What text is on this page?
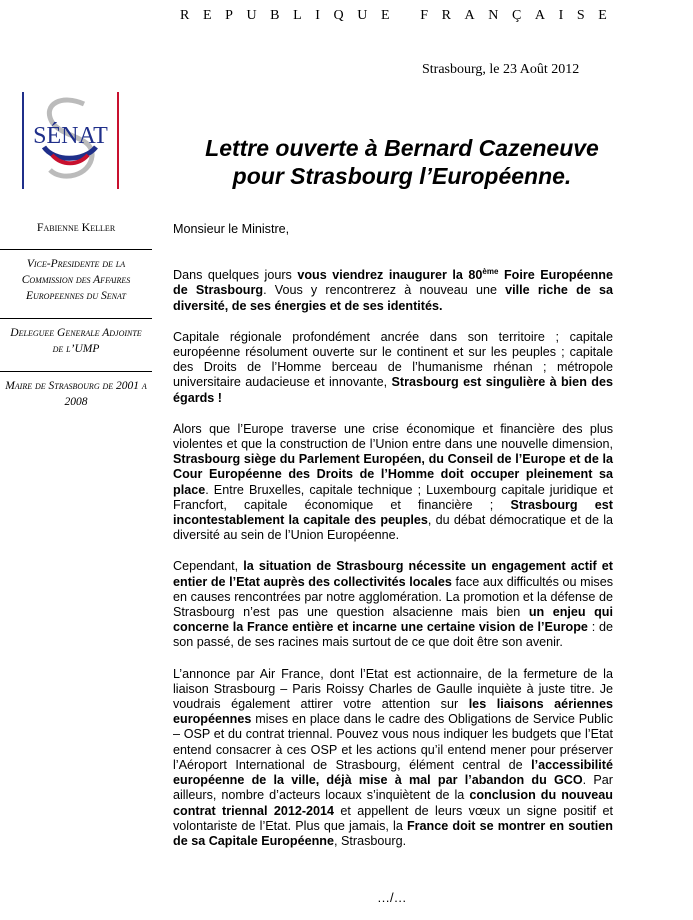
REPUBLIQUE FRANÇAISE
Strasbourg, le 23 Août 2012
SÉNAT	Lettre ouverte à Bernard Cazeneuve
pour Strasbourg l’Européenne.
Fabienne Keller
Vice-Presidente de la Commission des Affaires Europeennes du Senat
Deleguee Generale Adjointe de l’UMP
Maire de Strasbourg de 2001 a 2008

Monsieur le Ministre,

Dans quelques jours vous viendrez inaugurer la 80ème Foire Européenne de Strasbourg. Vous y rencontrerez à nouveau une ville riche de sa diversité, de ses énergies et de ses identités.

Capitale régionale profondément ancrée dans son territoire ; capitale européenne résolument ouverte sur le continent et sur les peuples ; capitale des Droits de l’Homme berceau de l’humanisme rhénan ; métropole universitaire audacieuse et innovante, Strasbourg est singulière à bien des égards !

Alors que l’Europe traverse une crise économique et financière des plus violentes et que la construction de l’Union entre dans une nouvelle dimension, Strasbourg siège du Parlement Européen, du Conseil de l’Europe et de la Cour Européenne des Droits de l’Homme doit occuper pleinement sa place. Entre Bruxelles, capitale technique ; Luxembourg capitale juridique et Francfort, capitale économique et financière ; Strasbourg est incontestablement la capitale des peuples, du débat démocratique et de la diversité au sein de l’Union Européenne.

Cependant, la situation de Strasbourg nécessite un engagement actif et entier de l’Etat auprès des collectivités locales face aux difficultés ou mises en causes rencontrées par notre agglomération. La promotion et la défense de Strasbourg n’est pas une question alsacienne mais bien un enjeu qui concerne la France entière et incarne une certaine vision de l’Europe : de son passé, de ses racines mais surtout de ce que doit être son avenir.

L’annonce par Air France, dont l’Etat est actionnaire, de la fermeture de la liaison Strasbourg – Paris Roissy Charles de Gaulle inquiète à juste titre. Je voudrais également attirer votre attention sur les liaisons aériennes européennes mises en place dans le cadre des Obligations de Service Public – OSP et du contrat triennal. Pouvez vous nous indiquer les budgets que l’Etat entend consacrer à ces OSP et les actions qu’il entend mener pour préserver l’Aéroport International de Strasbourg, élément central de l’accessibilité européenne de la ville, déjà mise à mal par l’abandon du GCO. Par ailleurs, nombre d’acteurs locaux s’inquiètent de la conclusion du nouveau contrat triennal 2012-2014 et appellent de leurs vœux un signe positif et volontariste de l’Etat. Plus que jamais, la France doit se montrer en soutien de sa Capitale Européenne, Strasbourg.

…/…
